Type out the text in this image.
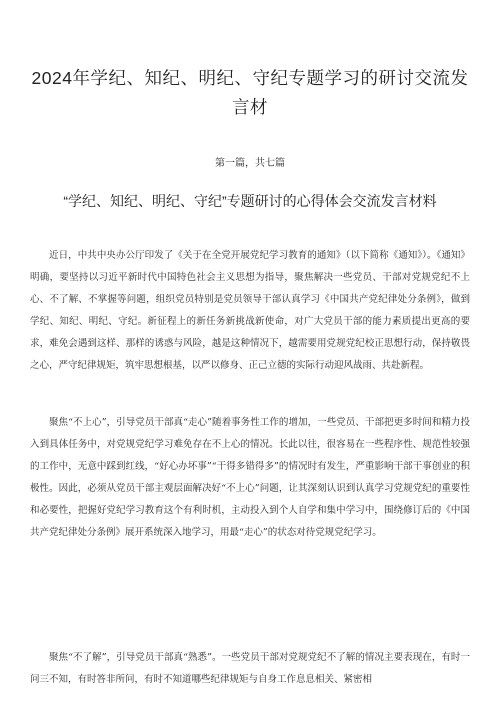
2024年学纪、知纪、明纪、守纪专题学习的研讨交流发言材

第一篇，共七篇

“学纪、知纪、明纪、守纪”专题研讨的心得体会交流发言材料

近日，中共中央办公厅印发了《关于在全党开展党纪学习教育的通知》（以下简称《通知》）。《通知》明确，要坚持以习近平新时代中国特色社会主义思想为指导，聚焦解决一些党员、干部对党规党纪不上心、不了解、不掌握等问题，组织党员特别是党员领导干部认真学习《中国共产党纪律处分条例》，做到学纪、知纪、明纪、守纪。新征程上的新任务新挑战新使命，对广大党员干部的能力素质提出更高的要求，难免会遇到这样、那样的诱惑与风险，越是这种情况下，越需要用党规党纪校正思想行动，保持敬畏之心，严守纪律规矩，筑牢思想根基，以严以修身、正己立德的实际行动迎风战雨、共赴新程。

聚焦“不上心”，引导党员干部真“走心”随着事务性工作的增加，一些党员、干部把更多时间和精力投入到具体任务中，对党规党纪学习难免存在不上心的情况。长此以往，很容易在一些程序性、规范性较强的工作中，无意中踩到红线，“好心办坏事”“干得多错得多”的情况时有发生，严重影响干部干事创业的积极性。因此，必须从党员干部主观层面解决好“不上心”问题，让其深刻认识到认真学习党规党纪的重要性和必要性，把握好党纪学习教育这个有利时机，主动投入到个人自学和集中学习中，围绕修订后的《中国共产党纪律处分条例》展开系统深入地学习，用最“走心”的状态对待党规党纪学习。

聚焦“不了解”，引导党员干部真“熟悉”。一些党员干部对党规党纪不了解的情况主要表现在，有时一问三不知，有时答非所问，有时不知道哪些纪律规矩与自身工作息息相关、紧密相
